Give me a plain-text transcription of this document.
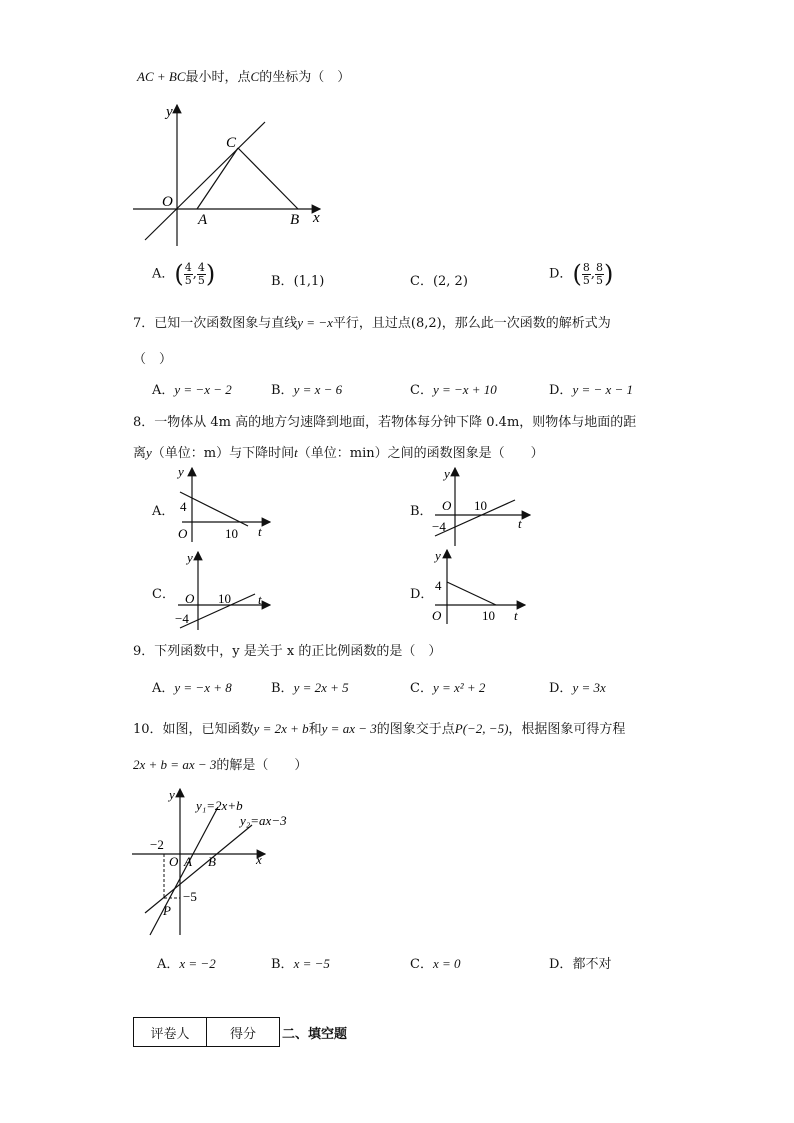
AC + BC最小时，点C的坐标为（　）
y
x
O
A	B
C
A．( $\frac{4}{5}$ , $\frac{4}{5}$ )	B．(1,1)	C．(2, 2)	D．( $\frac{8}{5}$ , $\frac{8}{5}$ )
7．已知一次函数图象与直线y = −x平行，且过点(8,2)，那么此一次函数的解析式为
（　）
A．y = −x − 2	B．y = x − 6	C．y = −x + 10	D．y = − x − 1
8．一物体从 4m 高的地方匀速降到地面，若物体每分钟下降 0.4m，则物体与地面的距
离y（单位：m）与下降时间t（单位：min）之间的函数图象是（　　）
A．
y
4
O	10 t
B．
y
O 10
−4	t
C．
y
O 10
−4
t	D．
y
4
O	10 t
9．下列函数中，y 是关于 x 的正比例函数的是（　）
A．y = −x + 8	B．y = 2x + 5	C．y = x² + 2	D．y = 3x
10．如图，已知函数y = 2x + b和y = ax − 3的图象交于点P(−2, −5)，根据图象可得方程
2x + b = ax − 3的解是（　　）
y
x
O A B
−2
−5
P
y₁=2x+b
y₂=ax−3
A．x = −2	B．x = −5	C．x = 0	D．都不对
评卷人	得分 二、填空题
